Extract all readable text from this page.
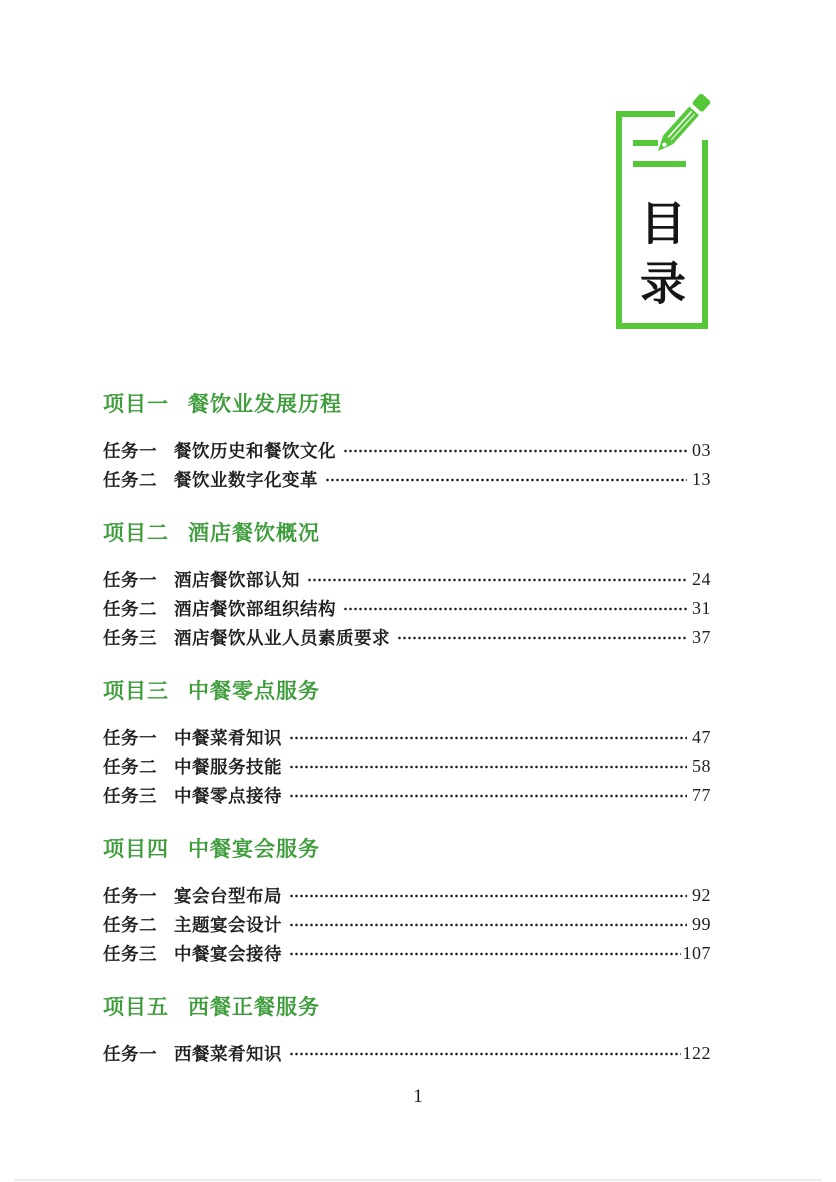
目
录
项目一 餐饮业发展历程
任务一 餐饮历史和餐饮文化	03
任务二 餐饮业数字化变革	13
项目二 酒店餐饮概况
任务一 酒店餐饮部认知	24
任务二 酒店餐饮部组织结构	31
任务三 酒店餐饮从业人员素质要求	37
项目三 中餐零点服务
任务一 中餐菜肴知识	47
任务二 中餐服务技能	58
任务三 中餐零点接待	77
项目四 中餐宴会服务
任务一 宴会台型布局	92
任务二 主题宴会设计	99
任务三 中餐宴会接待	107
项目五 西餐正餐服务
任务一 西餐菜肴知识	122
1
